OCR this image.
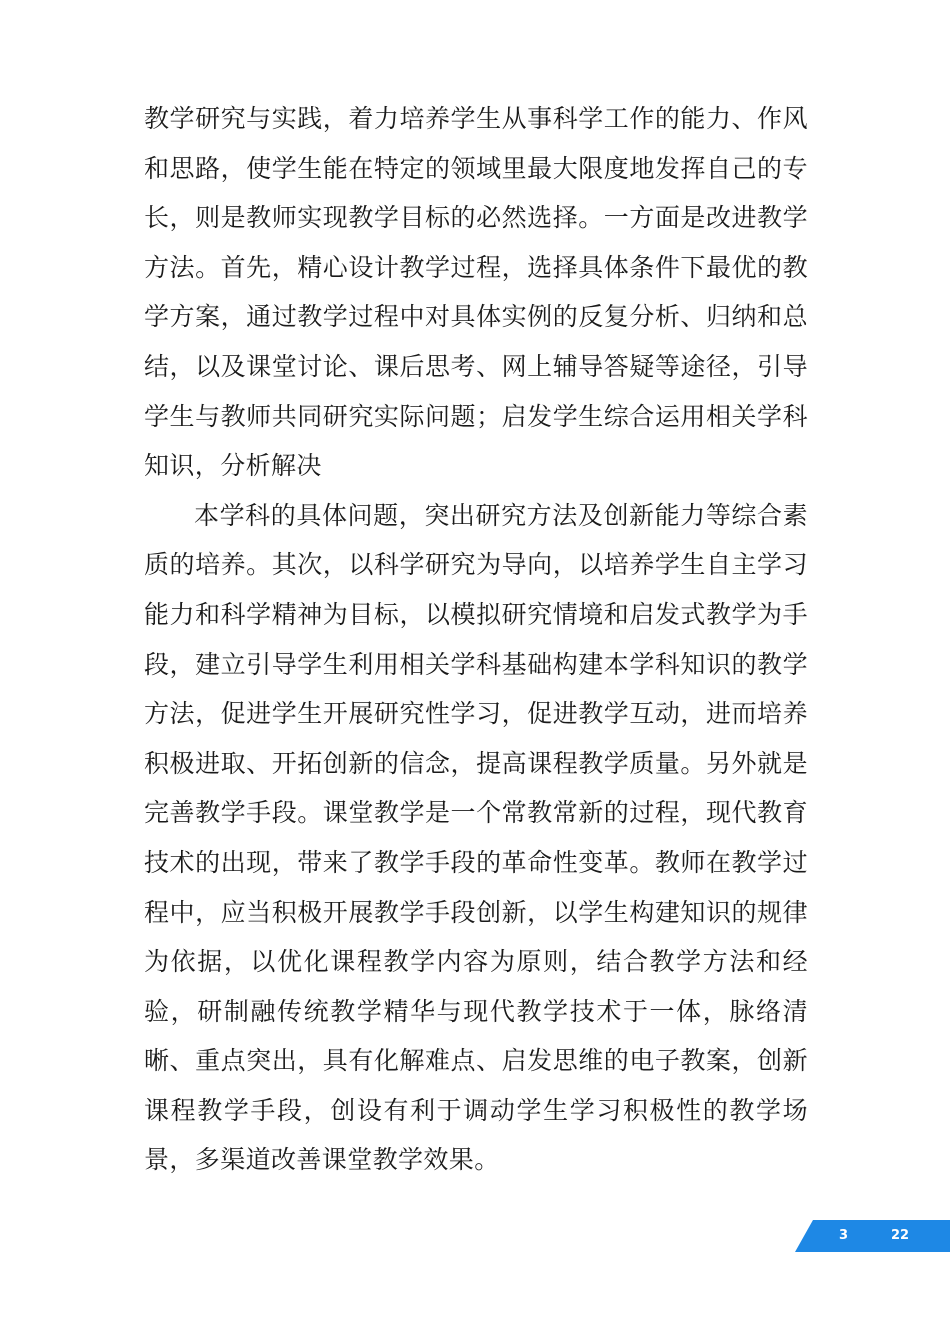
教学研究与实践，着力培养学生从事科学工作的能力、作风和思路，使学生能在特定的领域里最大限度地发挥自己的专长，则是教师实现教学目标的必然选择。一方面是改进教学方法。首先，精心设计教学过程，选择具体条件下最优的教学方案，通过教学过程中对具体实例的反复分析、归纳和总结，以及课堂讨论、课后思考、网上辅导答疑等途径，引导学生与教师共同研究实际问题；启发学生综合运用相关学科知识，分析解决

本学科的具体问题，突出研究方法及创新能力等综合素质的培养。其次，以科学研究为导向，以培养学生自主学习能力和科学精神为目标，以模拟研究情境和启发式教学为手段，建立引导学生利用相关学科基础构建本学科知识的教学方法，促进学生开展研究性学习，促进教学互动，进而培养积极进取、开拓创新的信念，提高课程教学质量。另外就是完善教学手段。课堂教学是一个常教常新的过程，现代教育技术的出现，带来了教学手段的革命性变革。教师在教学过程中，应当积极开展教学手段创新，以学生构建知识的规律为依据，以优化课程教学内容为原则，结合教学方法和经验，研制融传统教学精华与现代教学技术于一体，脉络清晰、重点突出，具有化解难点、启发思维的电子教案，创新课程教学手段，创设有利于调动学生学习积极性的教学场景，多渠道改善课堂教学效果。

3	22
